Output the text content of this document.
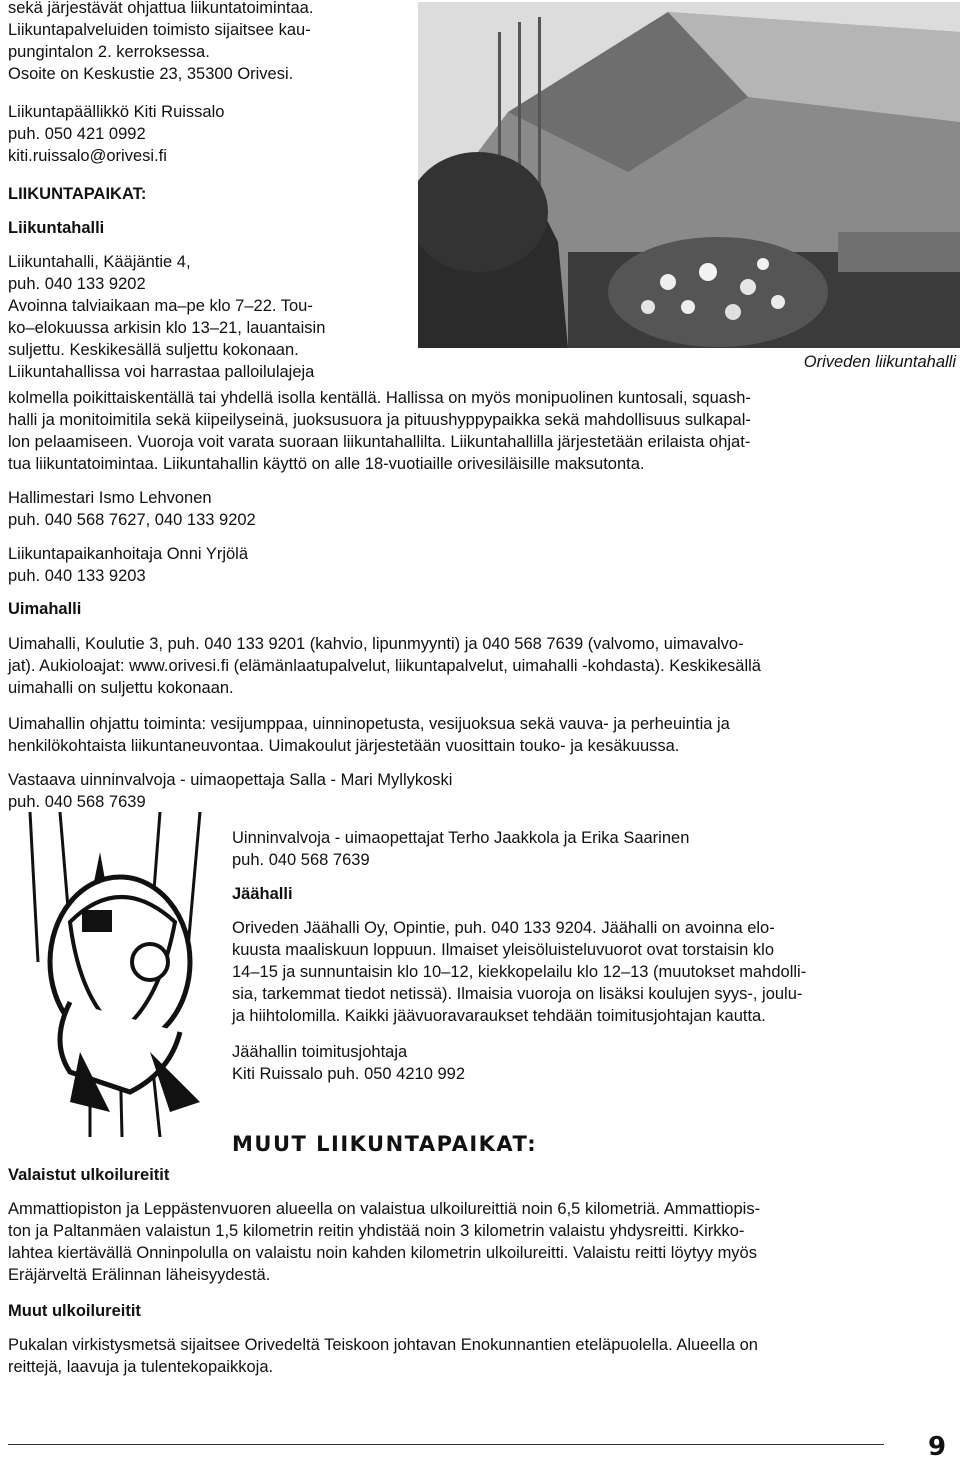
Oriveden liikuntahalli
sekä järjestävät ohjattua liikuntatoimintaa.
Liikuntapalveluiden toimisto sijaitsee kau-
pungintalon 2. kerroksessa.
Osoite on Keskustie 23, 35300 Orivesi.
Liikuntapäällikkö Kiti Ruissalo
puh. 050 421 0992
kiti.ruissalo@orivesi.fi
LIIKUNTAPAIKAT:
Liikuntahalli
Liikuntahalli, Kääjäntie 4,
puh. 040 133 9202
Avoinna talviaikaan ma–pe klo 7–22. Tou-
ko–elokuussa arkisin klo 13–21, lauantaisin
suljettu. Keskikesällä suljettu kokonaan.
Liikuntahallissa voi harrastaa palloilulajeja
kolmella poikittaiskentällä tai yhdellä isolla kentällä. Hallissa on myös monipuolinen kuntosali, squash-
halli ja monitoimitila sekä kiipeilyseinä, juoksusuora ja pituushyppypaikka sekä mahdollisuus sulkapal-
lon pelaamiseen. Vuoroja voit varata suoraan liikuntahallilta. Liikuntahallilla järjestetään erilaista ohjat-
tua liikuntatoimintaa. Liikuntahallin käyttö on alle 18-vuotiaille orivesiläisille maksutonta.
Hallimestari Ismo Lehvonen
puh. 040 568 7627, 040 133 9202
Liikuntapaikanhoitaja Onni Yrjölä
puh. 040 133 9203
Uimahalli
Uimahalli, Koulutie 3, puh. 040 133 9201 (kahvio, lipunmyynti) ja 040 568 7639 (valvomo, uimavalvo-
jat). Aukioloajat: www.orivesi.fi (elämänlaatupalvelut, liikuntapalvelut, uimahalli -kohdasta). Keskikesällä
uimahalli on suljettu kokonaan.
Uimahallin ohjattu toiminta: vesijumppaa, uinninopetusta, vesijuoksua sekä vauva- ja perheuintia ja
henkilökohtaista liikuntaneuvontaa. Uimakoulut järjestetään vuosittain touko- ja kesäkuussa.
Vastaava uinninvalvoja - uimaopettaja Salla - Mari Myllykoski
puh. 040 568 7639
Uinninvalvoja - uimaopettajat Terho Jaakkola ja Erika Saarinen
puh. 040 568 7639
Jäähalli
Oriveden Jäähalli Oy, Opintie, puh. 040 133 9204. Jäähalli on avoinna elo-
kuusta maaliskuun loppuun. Ilmaiset yleisöluisteluvuorot ovat torstaisin klo
14–15 ja sunnuntaisin klo 10–12, kiekkopelailu klo 12–13 (muutokset mahdolli-
sia, tarkemmat tiedot netissä). Ilmaisia vuoroja on lisäksi koulujen syys-, joulu-
ja hiihtolomilla. Kaikki jäävuoravaraukset tehdään toimitusjohtajan kautta.
Jäähallin toimitusjohtaja
Kiti Ruissalo puh. 050 4210 992
MUUT LIIKUNTAPAIKAT:
Valaistut ulkoilureitit
Ammattiopiston ja Leppästenvuoren alueella on valaistua ulkoilureittiä noin 6,5 kilometriä. Ammattiopis-
ton ja Paltanmäen valaistun 1,5 kilometrin reitin yhdistää noin 3 kilometrin valaistu yhdysreitti. Kirkko-
lahtea kiertävällä Onninpolulla on valaistu noin kahden kilometrin ulkoilureitti. Valaistu reitti löytyy myös
Eräjärveltä Erälinnan läheisyydestä.
Muut ulkoilureitit
Pukalan virkistysmetsä sijaitsee Orivedeltä Teiskoon johtavan Enokunnantien eteläpuolella. Alueella on
reittejä, laavuja ja tulentekopaikkoja.
9
